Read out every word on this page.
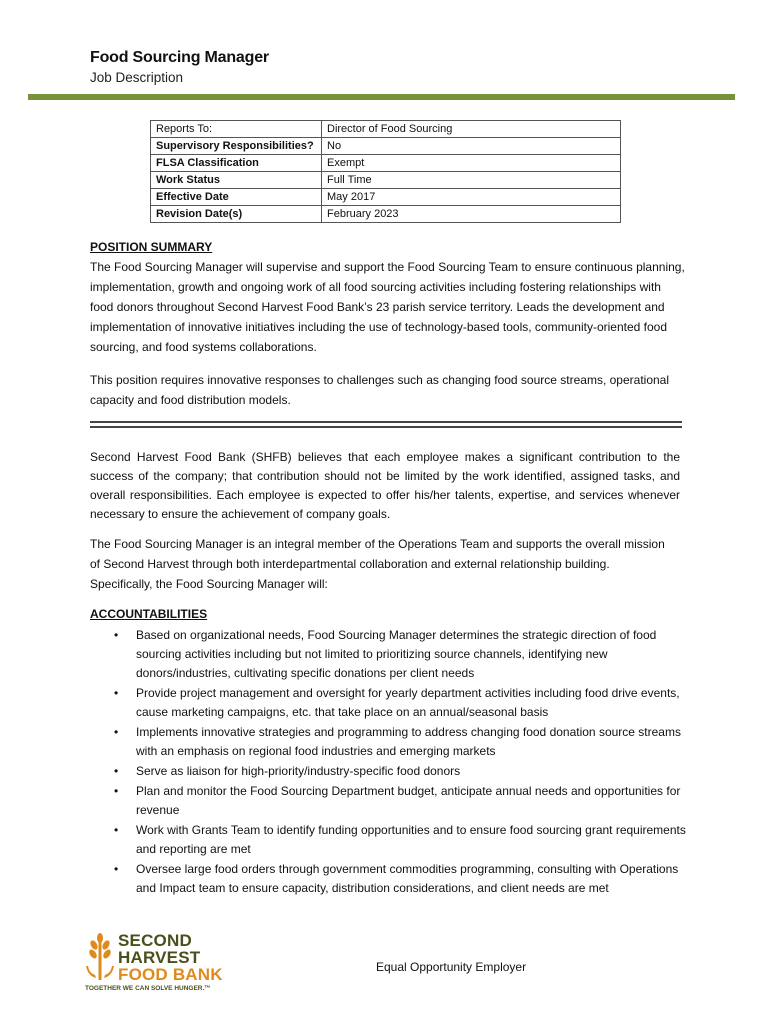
Food Sourcing Manager
Job Description
Reports To:	Director of Food Sourcing
Supervisory Responsibilities?	No
FLSA Classification	Exempt
Work Status	Full Time
Effective Date	May 2017
Revision Date(s)	February 2023
POSITION SUMMARY
The Food Sourcing Manager will supervise and support the Food Sourcing Team to ensure continuous planning, implementation, growth and ongoing work of all food sourcing activities including fostering relationships with food donors throughout Second Harvest Food Bank’s 23 parish service territory. Leads the development and implementation of innovative initiatives including the use of technology-based tools, community-oriented food sourcing, and food systems collaborations.
This position requires innovative responses to challenges such as changing food source streams, operational capacity and food distribution models.
Second Harvest Food Bank (SHFB) believes that each employee makes a significant contribution to the success of the company; that contribution should not be limited by the work identified, assigned tasks, and overall responsibilities. Each employee is expected to offer his/her talents, expertise, and services whenever necessary to ensure the achievement of company goals.
The Food Sourcing Manager is an integral member of the Operations Team and supports the overall mission of Second Harvest through both interdepartmental collaboration and external relationship building. Specifically, the Food Sourcing Manager will:
ACCOUNTABILITIES
• Based on organizational needs, Food Sourcing Manager determines the strategic direction of food sourcing activities including but not limited to prioritizing source channels, identifying new donors/industries, cultivating specific donations per client needs
• Provide project management and oversight for yearly department activities including food drive events, cause marketing campaigns, etc. that take place on an annual/seasonal basis
• Implements innovative strategies and programming to address changing food donation source streams with an emphasis on regional food industries and emerging markets
• Serve as liaison for high-priority/industry-specific food donors
• Plan and monitor the Food Sourcing Department budget, anticipate annual needs and opportunities for revenue
• Work with Grants Team to identify funding opportunities and to ensure food sourcing grant requirements and reporting are met
• Oversee large food orders through government commodities programming, consulting with Operations and Impact team to ensure capacity, distribution considerations, and client needs are met
SECOND
HARVEST
FOOD BANK
TOGETHER WE CAN SOLVE HUNGER.™
Equal Opportunity Employer
